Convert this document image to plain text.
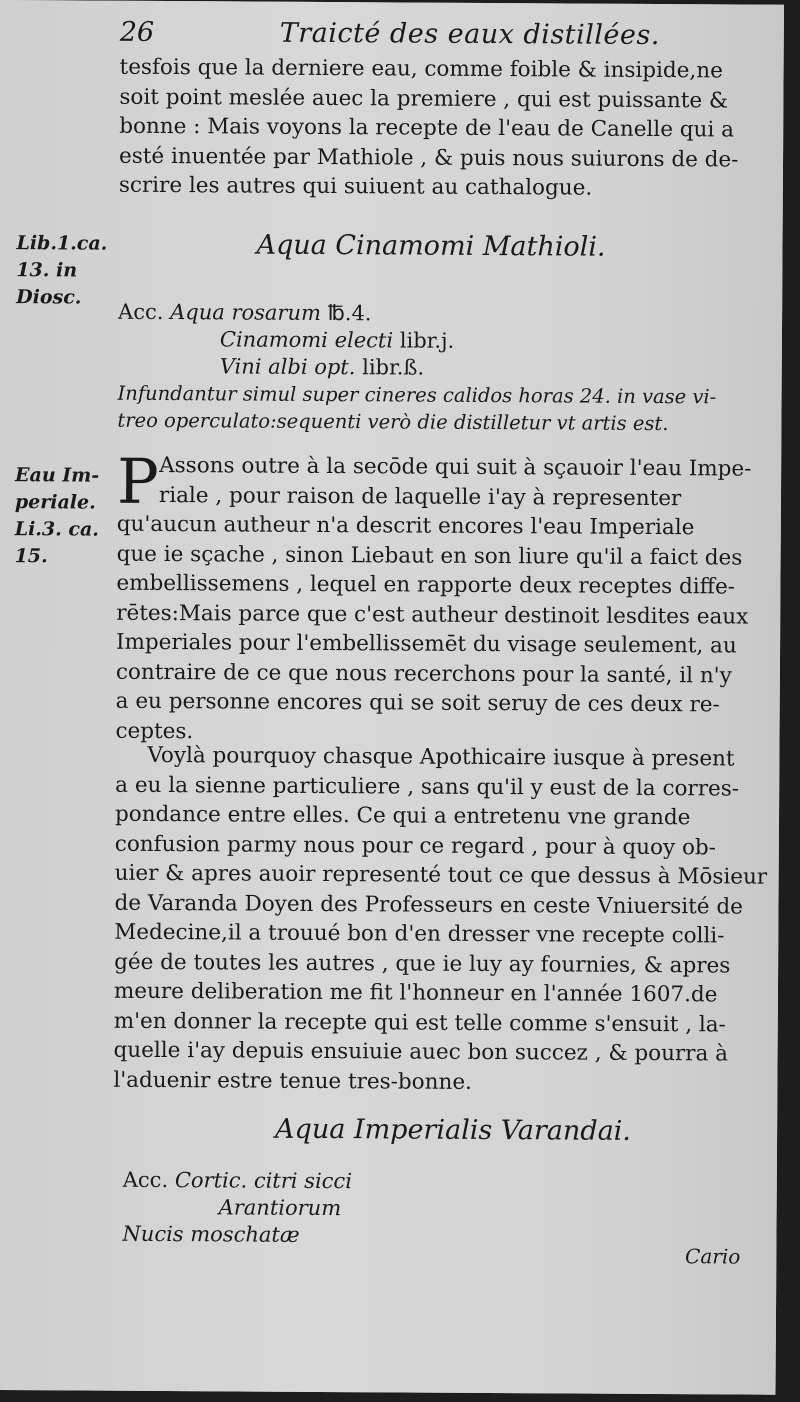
26	Traicté des eaux distillées.
tesfois que la derniere eau, comme foible & insipide,ne
soit point meslée auec la premiere , qui est puissante &
bonne : Mais voyons la recepte de l'eau de Canelle qui a
esté inuentée par Mathiole , & puis nous suiurons de de-
scrire les autres qui suiuent au cathalogue.
Lib.1.ca.
13. in
Diosc.
Aqua Cinamomi Mathioli.
Acc. Aqua rosarum ℔.4.
Cinamomi electi libr.j.
Vini albi opt. libr.ß.
Infundantur simul super cineres calidos horas 24. in vase vi-
treo operculato:sequenti verò die distilletur vt artis est.
Eau Im-
periale.
Li.3. ca.
15.
P Assons outre à la secōde qui suit à sçauoir l'eau Impe-
riale , pour raison de laquelle i'ay à representer
qu'aucun autheur n'a descrit encores l'eau Imperiale
que ie sçache , sinon Liebaut en son liure qu'il a faict des
embellissemens , lequel en rapporte deux receptes diffe-
rētes:Mais parce que c'est autheur destinoit lesdites eaux
Imperiales pour l'embellissemēt du visage seulement, au
contraire de ce que nous recerchons pour la santé, il n'y
a eu personne encores qui se soit seruy de ces deux re-
ceptes.
Voylà pourquoy chasque Apothicaire iusque à present
a eu la sienne particuliere , sans qu'il y eust de la corres-
pondance entre elles. Ce qui a entretenu vne grande
confusion parmy nous pour ce regard , pour à quoy ob-
uier & apres auoir representé tout ce que dessus à Mōsieur
de Varanda Doyen des Professeurs en ceste Vniuersité de
Medecine,il a trouué bon d'en dresser vne recepte colli-
gée de toutes les autres , que ie luy ay fournies, & apres
meure deliberation me fit l'honneur en l'année 1607.de
m'en donner la recepte qui est telle comme s'ensuit , la-
quelle i'ay depuis ensuiuie auec bon succez , & pourra à
l'aduenir estre tenue tres-bonne.
Aqua Imperialis Varandai.
Acc. Cortic. citri sicci
Arantiorum
Nucis moschatæ
Cario
